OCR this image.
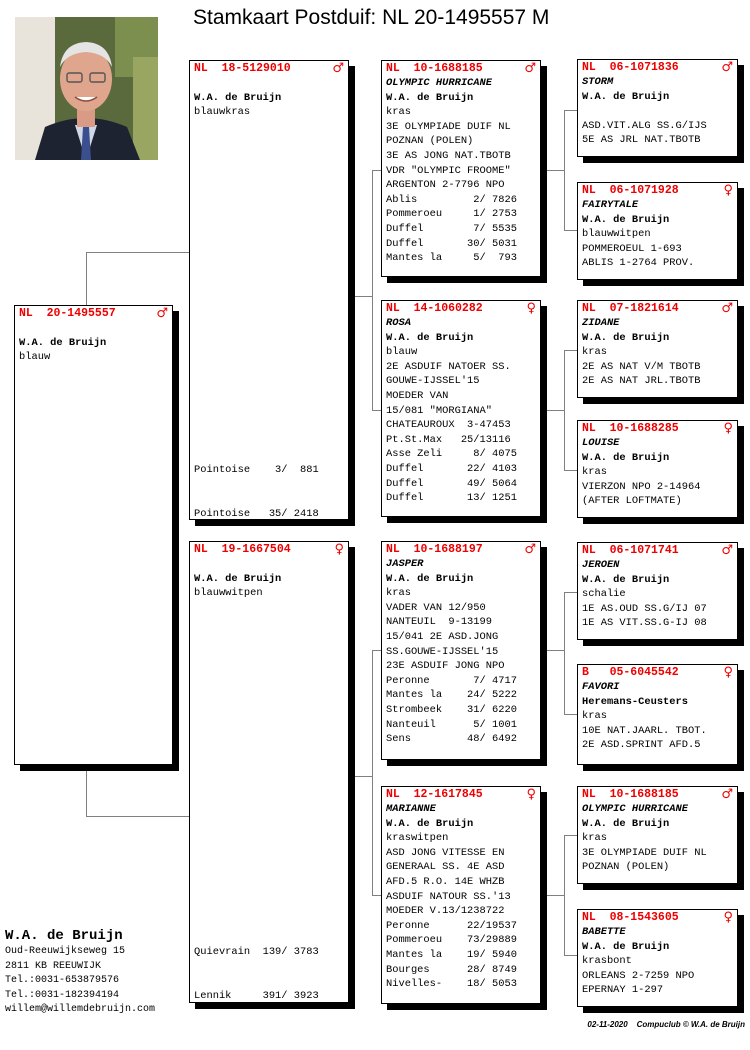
Stamkaart Postduif: NL 20-1495557 M
NL  20-1495557	♂

W.A. de Bruijn
blauw
NL  18-5129010	♂

W.A. de Bruijn
blauwkras

Pointoise    3/  881

Pointoise   35/ 2418

NL  19-1667504	♀

W.A. de Bruijn
blauwwitpen

Quievrain  139/ 3783

Lennik     391/ 3923

NL  10-1688185	♂
OLYMPIC HURRICANE
W.A. de Bruijn
kras
3E OLYMPIADE DUIF NL
POZNAN (POLEN)
3E AS JONG NAT.TBOTB
VDR "OLYMPIC FROOME"
ARGENTON 2-7796 NPO
Ablis         2/ 7826
Pommeroeu     1/ 2753
Duffel        7/ 5535
Duffel       30/ 5031
Mantes la     5/  793
NL  14-1060282	♀
ROSA
W.A. de Bruijn
blauw
2E ASDUIF NATOER SS.
GOUWE-IJSSEL'15
MOEDER VAN
15/081 "MORGIANA"
CHATEAUROUX  3-47453
Pt.St.Max   25/13116
Asse Zeli     8/ 4075
Duffel       22/ 4103
Duffel       49/ 5064
Duffel       13/ 1251
NL  10-1688197	♂
JASPER
W.A. de Bruijn
kras
VADER VAN 12/950
NANTEUIL  9-13199
15/041 2E ASD.JONG
SS.GOUWE-IJSSEL'15
23E ASDUIF JONG NPO
Peronne       7/ 4717
Mantes la    24/ 5222
Strombeek    31/ 6220
Nanteuil      5/ 1001
Sens         48/ 6492
NL  12-1617845	♀
MARIANNE
W.A. de Bruijn
kraswitpen
ASD JONG VITESSE EN
GENERAAL SS. 4E ASD
AFD.5 R.O. 14E WHZB
ASDUIF NATOUR SS.'13
MOEDER V.13/1238722
Peronne      22/19537
Pommeroeu    73/29889
Mantes la    19/ 5940
Bourges      28/ 8749
Nivelles-    18/ 5053
NL  06-1071836	♂
STORM
W.A. de Bruijn

ASD.VIT.ALG SS.G/IJS
5E AS JRL NAT.TBOTB
NL  06-1071928	♀
FAIRYTALE
W.A. de Bruijn
blauwwitpen
POMMEROEUL 1-693
ABLIS 1-2764 PROV.
NL  07-1821614	♂
ZIDANE
W.A. de Bruijn
kras
2E AS NAT V/M TBOTB
2E AS NAT JRL.TBOTB
NL  10-1688285	♀
LOUISE
W.A. de Bruijn
kras
VIERZON NPO 2-14964
(AFTER LOFTMATE)
NL  06-1071741	♂
JEROEN
W.A. de Bruijn
schalie
1E AS.OUD SS.G/IJ 07
1E AS VIT.SS.G-IJ 08
B   05-6045542	♀
FAVORI
Heremans-Ceusters
kras
10E NAT.JAARL. TBOT.
2E ASD.SPRINT AFD.5
NL  10-1688185	♂
OLYMPIC HURRICANE
W.A. de Bruijn
kras
3E OLYMPIADE DUIF NL
POZNAN (POLEN)
NL  08-1543605	♀
BABETTE
W.A. de Bruijn
krasbont
ORLEANS 2-7259 NPO
EPERNAY 1-297
W.A. de Bruijn
Oud-Reeuwijkseweg 15
2811 KB REEUWIJK
Tel.:0031-653879576
Tel.:0031-182394194
willem@willemdebruijn.com
02-11-2020 Compuclub © W.A. de Bruijn
